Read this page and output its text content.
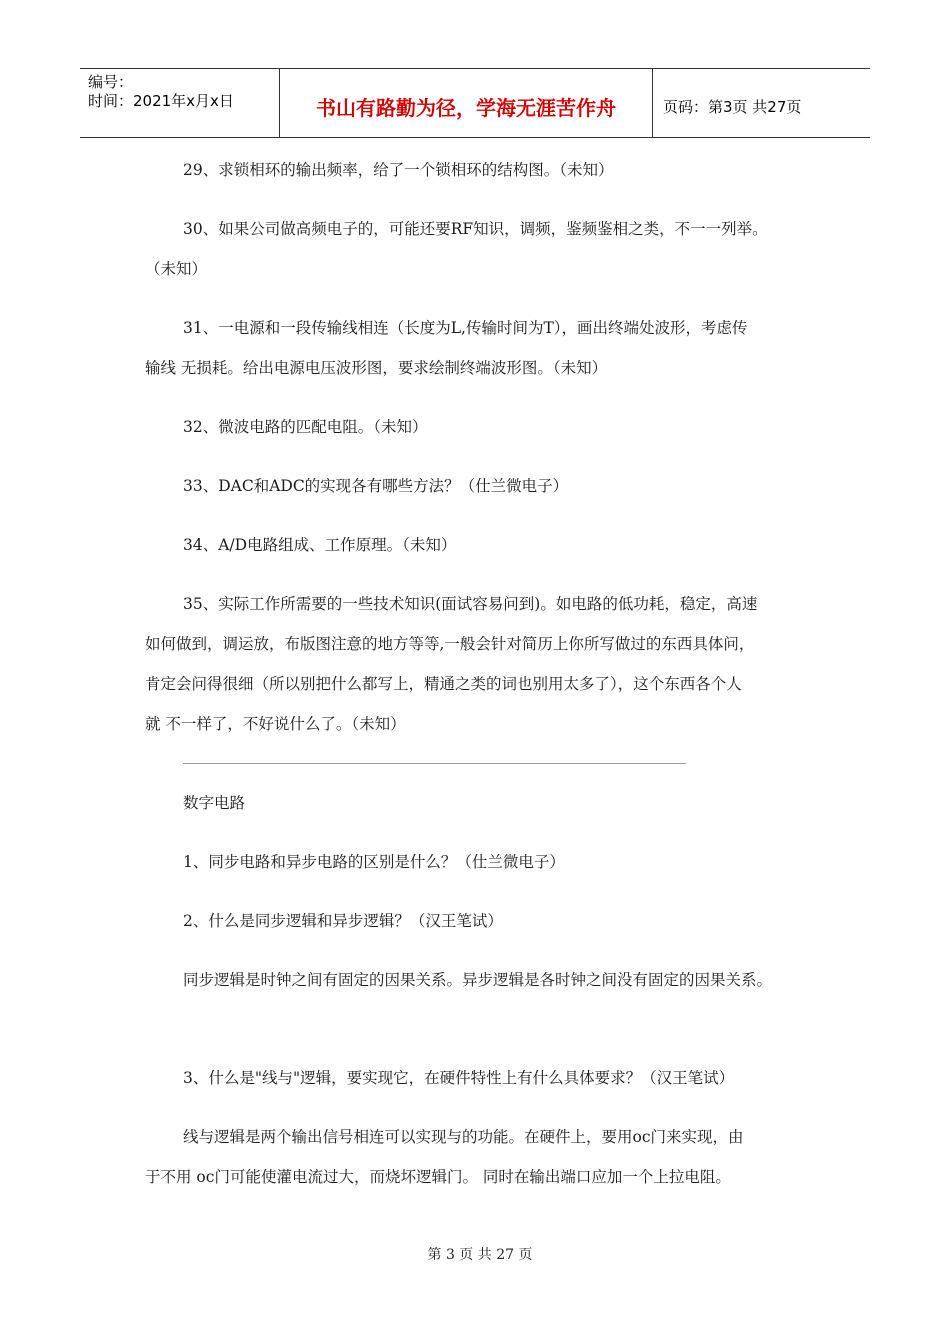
编号：
时间：2021年x月x日	书山有路勤为径，学海无涯苦作舟	页码：第3页 共27页
29、求锁相环的输出频率，给了一个锁相环的结构图。（未知）
30、如果公司做高频电子的，可能还要RF知识，调频，鉴频鉴相之类，不一一列举。
（未知）
31、一电源和一段传输线相连（长度为L,传输时间为T），画出终端处波形，考虑传
输线 无损耗。给出电源电压波形图，要求绘制终端波形图。（未知）
32、微波电路的匹配电阻。（未知）
33、DAC和ADC的实现各有哪些方法？（仕兰微电子）
34、A/D电路组成、工作原理。（未知）
35、实际工作所需要的一些技术知识(面试容易问到)。如电路的低功耗，稳定，高速
如何做到，调运放，布版图注意的地方等等,一般会针对简历上你所写做过的东西具体问，
肯定会问得很细（所以别把什么都写上，精通之类的词也别用太多了），这个东西各个人
就 不一样了，不好说什么了。（未知）
数字电路
1、同步电路和异步电路的区别是什么？（仕兰微电子）
2、什么是同步逻辑和异步逻辑？（汉王笔试）
同步逻辑是时钟之间有固定的因果关系。异步逻辑是各时钟之间没有固定的因果关系。
3、什么是"线与"逻辑，要实现它，在硬件特性上有什么具体要求？（汉王笔试）
线与逻辑是两个输出信号相连可以实现与的功能。在硬件上，要用oc门来实现，由
于不用 oc门可能使灌电流过大，而烧坏逻辑门。 同时在输出端口应加一个上拉电阻。
第 3 页 共 27 页
